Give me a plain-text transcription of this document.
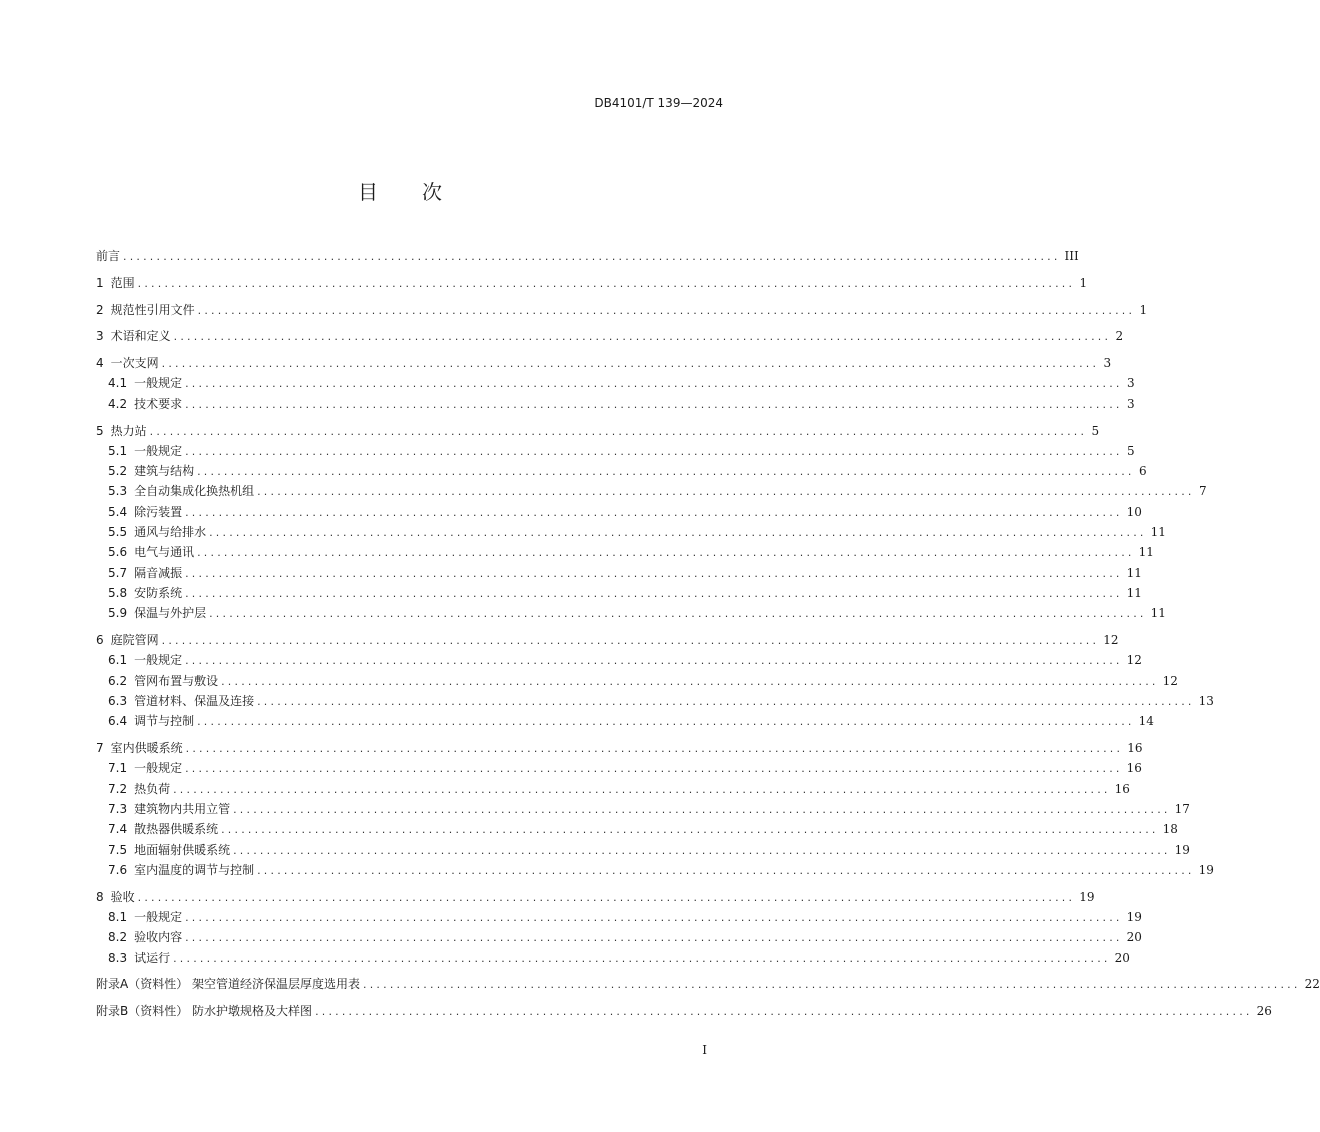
DB4101/T 139—2024
目 次
前言 ............................................................................................................................................ III
1 范围 ............................................................................................................................................ 1
2 规范性引用文件 ............................................................................................................................................ 1
3 术语和定义 ............................................................................................................................................ 2
4 一次支网 ............................................................................................................................................ 3
4.1 一般规定 ............................................................................................................................................ 3
4.2 技术要求 ............................................................................................................................................ 3
5 热力站 ............................................................................................................................................ 5
5.1 一般规定 ............................................................................................................................................ 5
5.2 建筑与结构 ............................................................................................................................................ 6
5.3 全自动集成化换热机组 ............................................................................................................................................ 7
5.4 除污装置 ............................................................................................................................................ 10
5.5 通风与给排水 ............................................................................................................................................ 11
5.6 电气与通讯 ............................................................................................................................................ 11
5.7 隔音减振 ............................................................................................................................................ 11
5.8 安防系统 ............................................................................................................................................ 11
5.9 保温与外护层 ............................................................................................................................................ 11
6 庭院管网 ............................................................................................................................................ 12
6.1 一般规定 ............................................................................................................................................ 12
6.2 管网布置与敷设 ............................................................................................................................................ 12
6.3 管道材料、保温及连接 ............................................................................................................................................ 13
6.4 调节与控制 ............................................................................................................................................ 14
7 室内供暖系统 ............................................................................................................................................ 16
7.1 一般规定 ............................................................................................................................................ 16
7.2 热负荷 ............................................................................................................................................ 16
7.3 建筑物内共用立管 ............................................................................................................................................ 17
7.4 散热器供暖系统 ............................................................................................................................................ 18
7.5 地面辐射供暖系统 ............................................................................................................................................ 19
7.6 室内温度的调节与控制 ............................................................................................................................................ 19
8 验收 ............................................................................................................................................ 19
8.1 一般规定 ............................................................................................................................................ 19
8.2 验收内容 ............................................................................................................................................ 20
8.3 试运行 ............................................................................................................................................ 20
附录A（资料性） 架空管道经济保温层厚度选用表 ............................................................................................................................................ 22
附录B（资料性） 防水护墩规格及大样图 ............................................................................................................................................ 26
I
